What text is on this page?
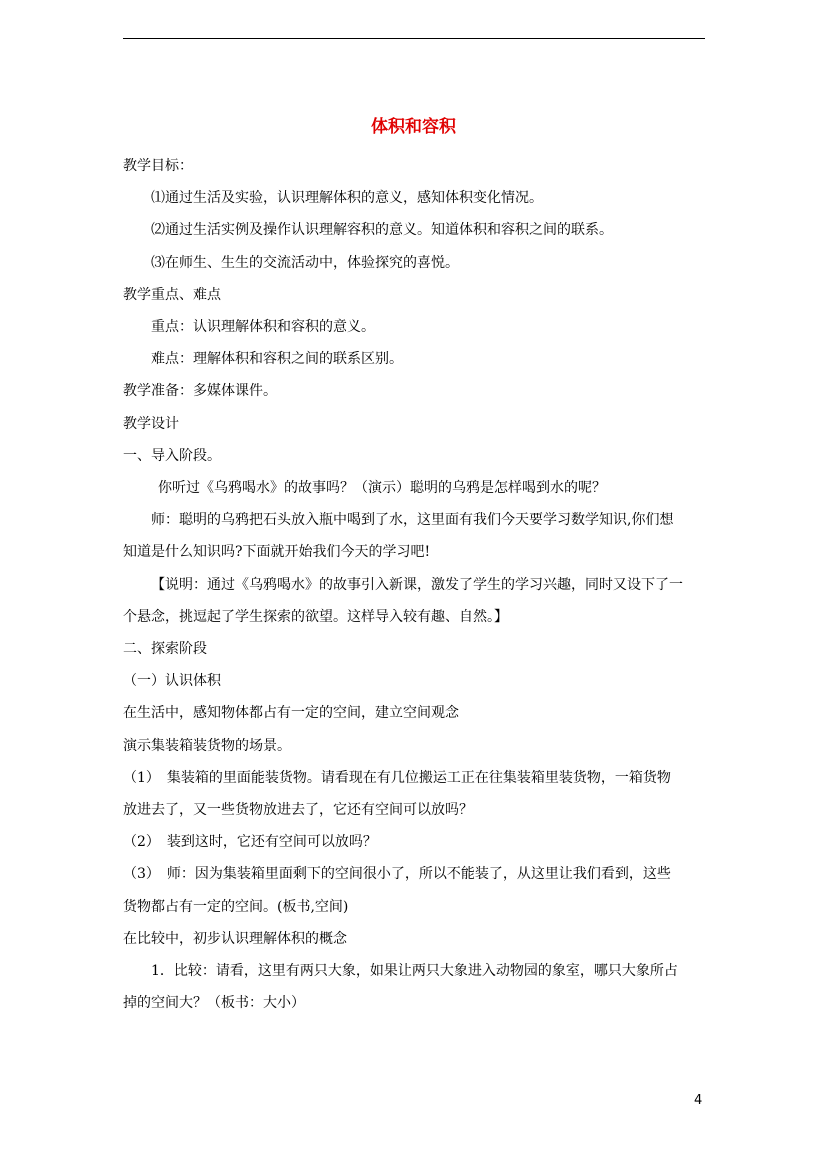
体积和容积
教学目标：
⑴通过生活及实验，认识理解体积的意义，感知体积变化情况。
⑵通过生活实例及操作认识理解容积的意义。知道体积和容积之间的联系。
⑶在师生、生生的交流活动中，体验探究的喜悦。
教学重点、难点
重点：认识理解体积和容积的意义。
难点：理解体积和容积之间的联系区别。
教学准备：多媒体课件。
教学设计
一、导入阶段。
你听过《乌鸦喝水》的故事吗？（演示）聪明的乌鸦是怎样喝到水的呢？
师：聪明的乌鸦把石头放入瓶中喝到了水，这里面有我们今天要学习数学知识,你们想
知道是什么知识吗?下面就开始我们今天的学习吧!
【说明：通过《乌鸦喝水》的故事引入新课，激发了学生的学习兴趣，同时又设下了一
个悬念，挑逗起了学生探索的欲望。这样导入较有趣、自然。】
二、探索阶段
（一）认识体积
在生活中，感知物体都占有一定的空间，建立空间观念
演示集装箱装货物的场景。
（1）　集装箱的里面能装货物。请看现在有几位搬运工正在往集装箱里装货物，一箱货物
放进去了，又一些货物放进去了，它还有空间可以放吗？
（2）　装到这时，它还有空间可以放吗？
（3）　师：因为集装箱里面剩下的空间很小了，所以不能装了，从这里让我们看到，这些
货物都占有一定的空间。(板书,空间)
在比较中，初步认识理解体积的概念
1．比较：请看，这里有两只大象，如果让两只大象进入动物园的象室，哪只大象所占
掉的空间大？（板书：大小）
4
